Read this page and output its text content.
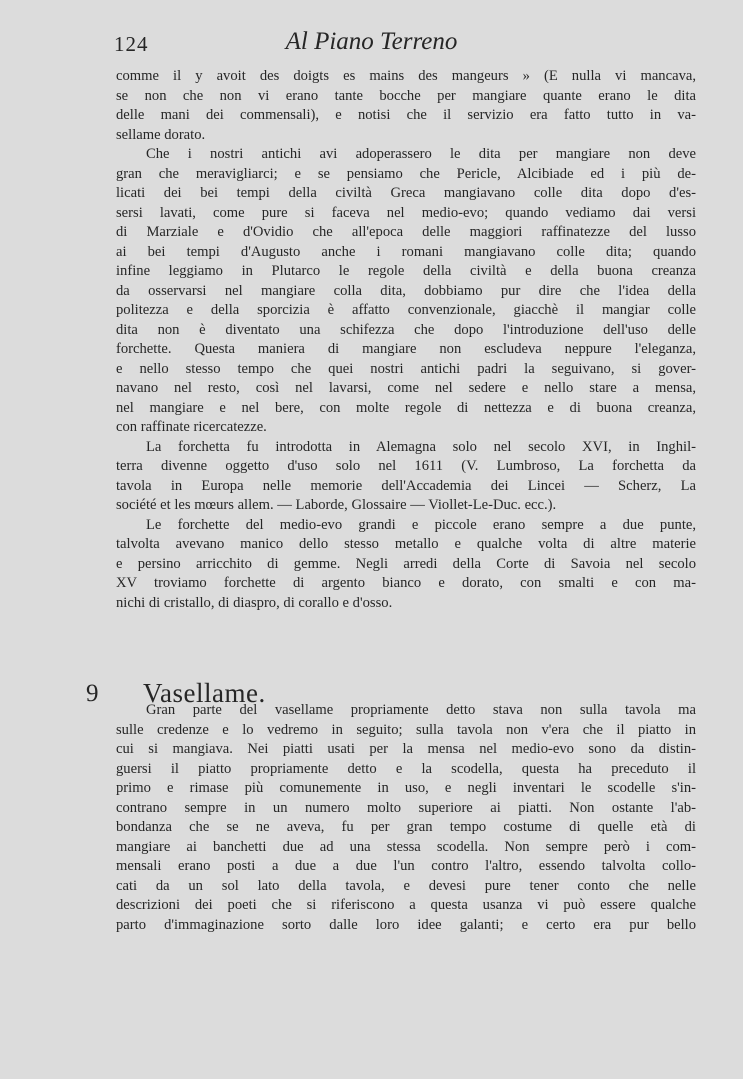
124	Al Piano Terreno
comme il y avoit des doigts es mains des mangeurs » (E nulla vi mancava,
se non che non vi erano tante bocche per mangiare quante erano le dita
delle mani dei commensali), e notisi che il servizio era fatto tutto in va-
sellame dorato.
Che i nostri antichi avi adoperassero le dita per mangiare non deve
gran che meravigliarci; e se pensiamo che Pericle, Alcibiade ed i più de-
licati dei bei tempi della civiltà Greca mangiavano colle dita dopo d'es-
sersi lavati, come pure si faceva nel medio-evo; quando vediamo dai versi
di Marziale e d'Ovidio che all'epoca delle maggiori raffinatezze del lusso
ai bei tempi d'Augusto anche i romani mangiavano colle dita; quando
infine leggiamo in Plutarco le regole della civiltà e della buona creanza
da osservarsi nel mangiare colla dita, dobbiamo pur dire che l'idea della
politezza e della sporcizia è affatto convenzionale, giacchè il mangiar colle
dita non è diventato una schifezza che dopo l'introduzione dell'uso delle
forchette. Questa maniera di mangiare non escludeva neppure l'eleganza,
e nello stesso tempo che quei nostri antichi padri la seguivano, si gover-
navano nel resto, così nel lavarsi, come nel sedere e nello stare a mensa,
nel mangiare e nel bere, con molte regole di nettezza e di buona creanza,
con raffinate ricercatezze.
La forchetta fu introdotta in Alemagna solo nel secolo XVI, in Inghil-
terra divenne oggetto d'uso solo nel 1611 (V. Lumbroso, La forchetta da
tavola in Europa nelle memorie dell'Accademia dei Lincei — Scherz, La
société et les mœurs allem. — Laborde, Glossaire — Viollet-Le-Duc. ecc.).
Le forchette del medio-evo grandi e piccole erano sempre a due punte,
talvolta avevano manico dello stesso metallo e qualche volta di altre materie
e persino arricchito di gemme. Negli arredi della Corte di Savoia nel secolo
XV troviamo forchette di argento bianco e dorato, con smalti e con ma-
nichi di cristallo, di diaspro, di corallo e d'osso.
9 Vasellame.
Gran parte del vasellame propriamente detto stava non sulla tavola ma
sulle credenze e lo vedremo in seguito; sulla tavola non v'era che il piatto in
cui si mangiava. Nei piatti usati per la mensa nel medio-evo sono da distin-
guersi il piatto propriamente detto e la scodella, questa ha preceduto il
primo e rimase più comunemente in uso, e negli inventari le scodelle s'in-
contrano sempre in un numero molto superiore ai piatti. Non ostante l'ab-
bondanza che se ne aveva, fu per gran tempo costume di quelle età di
mangiare ai banchetti due ad una stessa scodella. Non sempre però i com-
mensali erano posti a due a due l'un contro l'altro, essendo talvolta collo-
cati da un sol lato della tavola, e devesi pure tener conto che nelle
descrizioni dei poeti che si riferiscono a questa usanza vi può essere qualche
parto d'immaginazione sorto dalle loro idee galanti; e certo era pur bello
